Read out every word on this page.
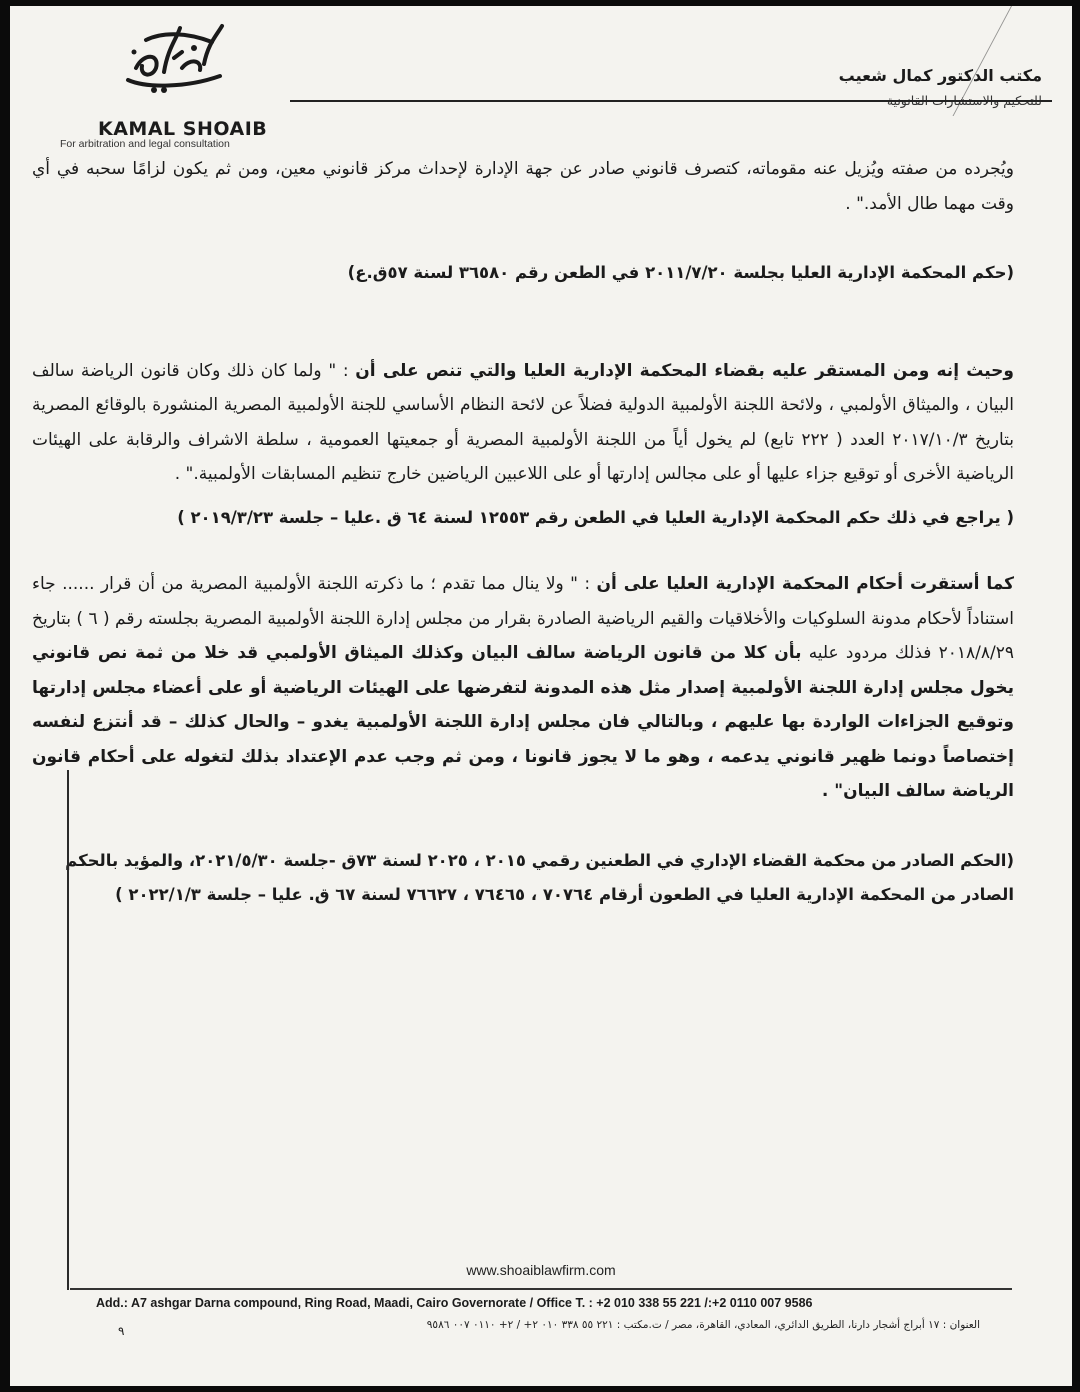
KAMAL SHOAIB
For arbitration and legal consultation
مكتب الدكتور كمال شعيب
للتحكيم والاستشارات القانونية

ويُجرده من صفته ويُزيل عنه مقوماته، كتصرف قانوني صادر عن جهة الإدارة لإحداث مركز قانوني معين، ومن ثم يكون لزامًا سحبه في أي وقت مهما طال الأمد." .

(حكم المحكمة الإدارية العليا بجلسة ٢٠١١/٧/٢٠ في الطعن رقم ٣٦٥٨٠ لسنة ٥٧ق.ع)

وحيث إنه ومن المستقر عليه بقضاء المحكمة الإدارية العليا والتي تنص على أن : " ولما كان ذلك وكان قانون الرياضة سالف البيان ، والميثاق الأولمبي ، ولائحة اللجنة الأولمبية الدولية فضلاً عن لائحة النظام الأساسي للجنة الأولمبية المصرية المنشورة بالوقائع المصرية بتاريخ ٢٠١٧/١٠/٣ العدد ( ٢٢٢ تابع) لم يخول أياً من اللجنة الأولمبية المصرية أو جمعيتها العمومية ، سلطة الاشراف والرقابة على الهيئات الرياضية الأخرى أو توقيع جزاء عليها أو على مجالس إدارتها أو على اللاعبين الرياضين خارج تنظيم المسابقات الأولمبية." .

( يراجع في ذلك حكم المحكمة الإدارية العليا في الطعن رقم ١٢٥٥٣ لسنة ٦٤ ق .عليا – جلسة ٢٠١٩/٣/٢٣ )

كما أستقرت أحكام المحكمة الإدارية العليا على أن : " ولا ينال مما تقدم ؛ ما ذكرته اللجنة الأولمبية المصرية من أن قرار ...... جاء استناداً لأحكام مدونة السلوكيات والأخلاقيات والقيم الرياضية الصادرة بقرار من مجلس إدارة اللجنة الأولمبية المصرية بجلسته رقم ( ٦ ) بتاريخ ٢٠١٨/٨/٢٩ فذلك مردود عليه بأن كلا من قانون الرياضة سالف البيان وكذلك الميثاق الأولمبي قد خلا من ثمة نص قانوني يخول مجلس إدارة اللجنة الأولمبية إصدار مثل هذه المدونة لتفرضها على الهيئات الرياضية أو على أعضاء مجلس إدارتها وتوقيع الجزاءات الواردة بها عليهم ، وبالتالي فان مجلس إدارة اللجنة الأولمبية يغدو – والحال كذلك – قد أنتزع لنفسه إختصاصاً دونما ظهير قانوني يدعمه ، وهو ما لا يجوز قانونا ، ومن ثم وجب عدم الإعتداد بذلك لتغوله على أحكام قانون الرياضة سالف البيان" .

(الحكم الصادر من محكمة القضاء الإداري في الطعنين رقمي ٢٠١٥ ، ٢٠٢٥ لسنة ٧٣ق -جلسة ٢٠٢١/٥/٣٠، والمؤيد بالحكم الصادر من المحكمة الإدارية العليا في الطعون أرقام ٧٠٧٦٤ ، ٧٦٤٦٥ ، ٧٦٦٢٧ لسنة ٦٧ ق. عليا – جلسة ٢٠٢٢/١/٣ )

www.shoaiblawfirm.com
Add.: A7 ashgar Darna compound, Ring Road, Maadi, Cairo Governorate / Office T. : +2 010 338 55 221 /:+2 0110 007 9586
٩	العنوان : ١٧ أبراج أشجار دارنا، الطريق الدائري، المعادي، القاهرة، مصر / ت.مكتب : ٢٢١ ٥٥ ٣٣٨ ٠١٠ ٢+ / ٢+ ٠١١٠ ٠٠٧ ٩٥٨٦
